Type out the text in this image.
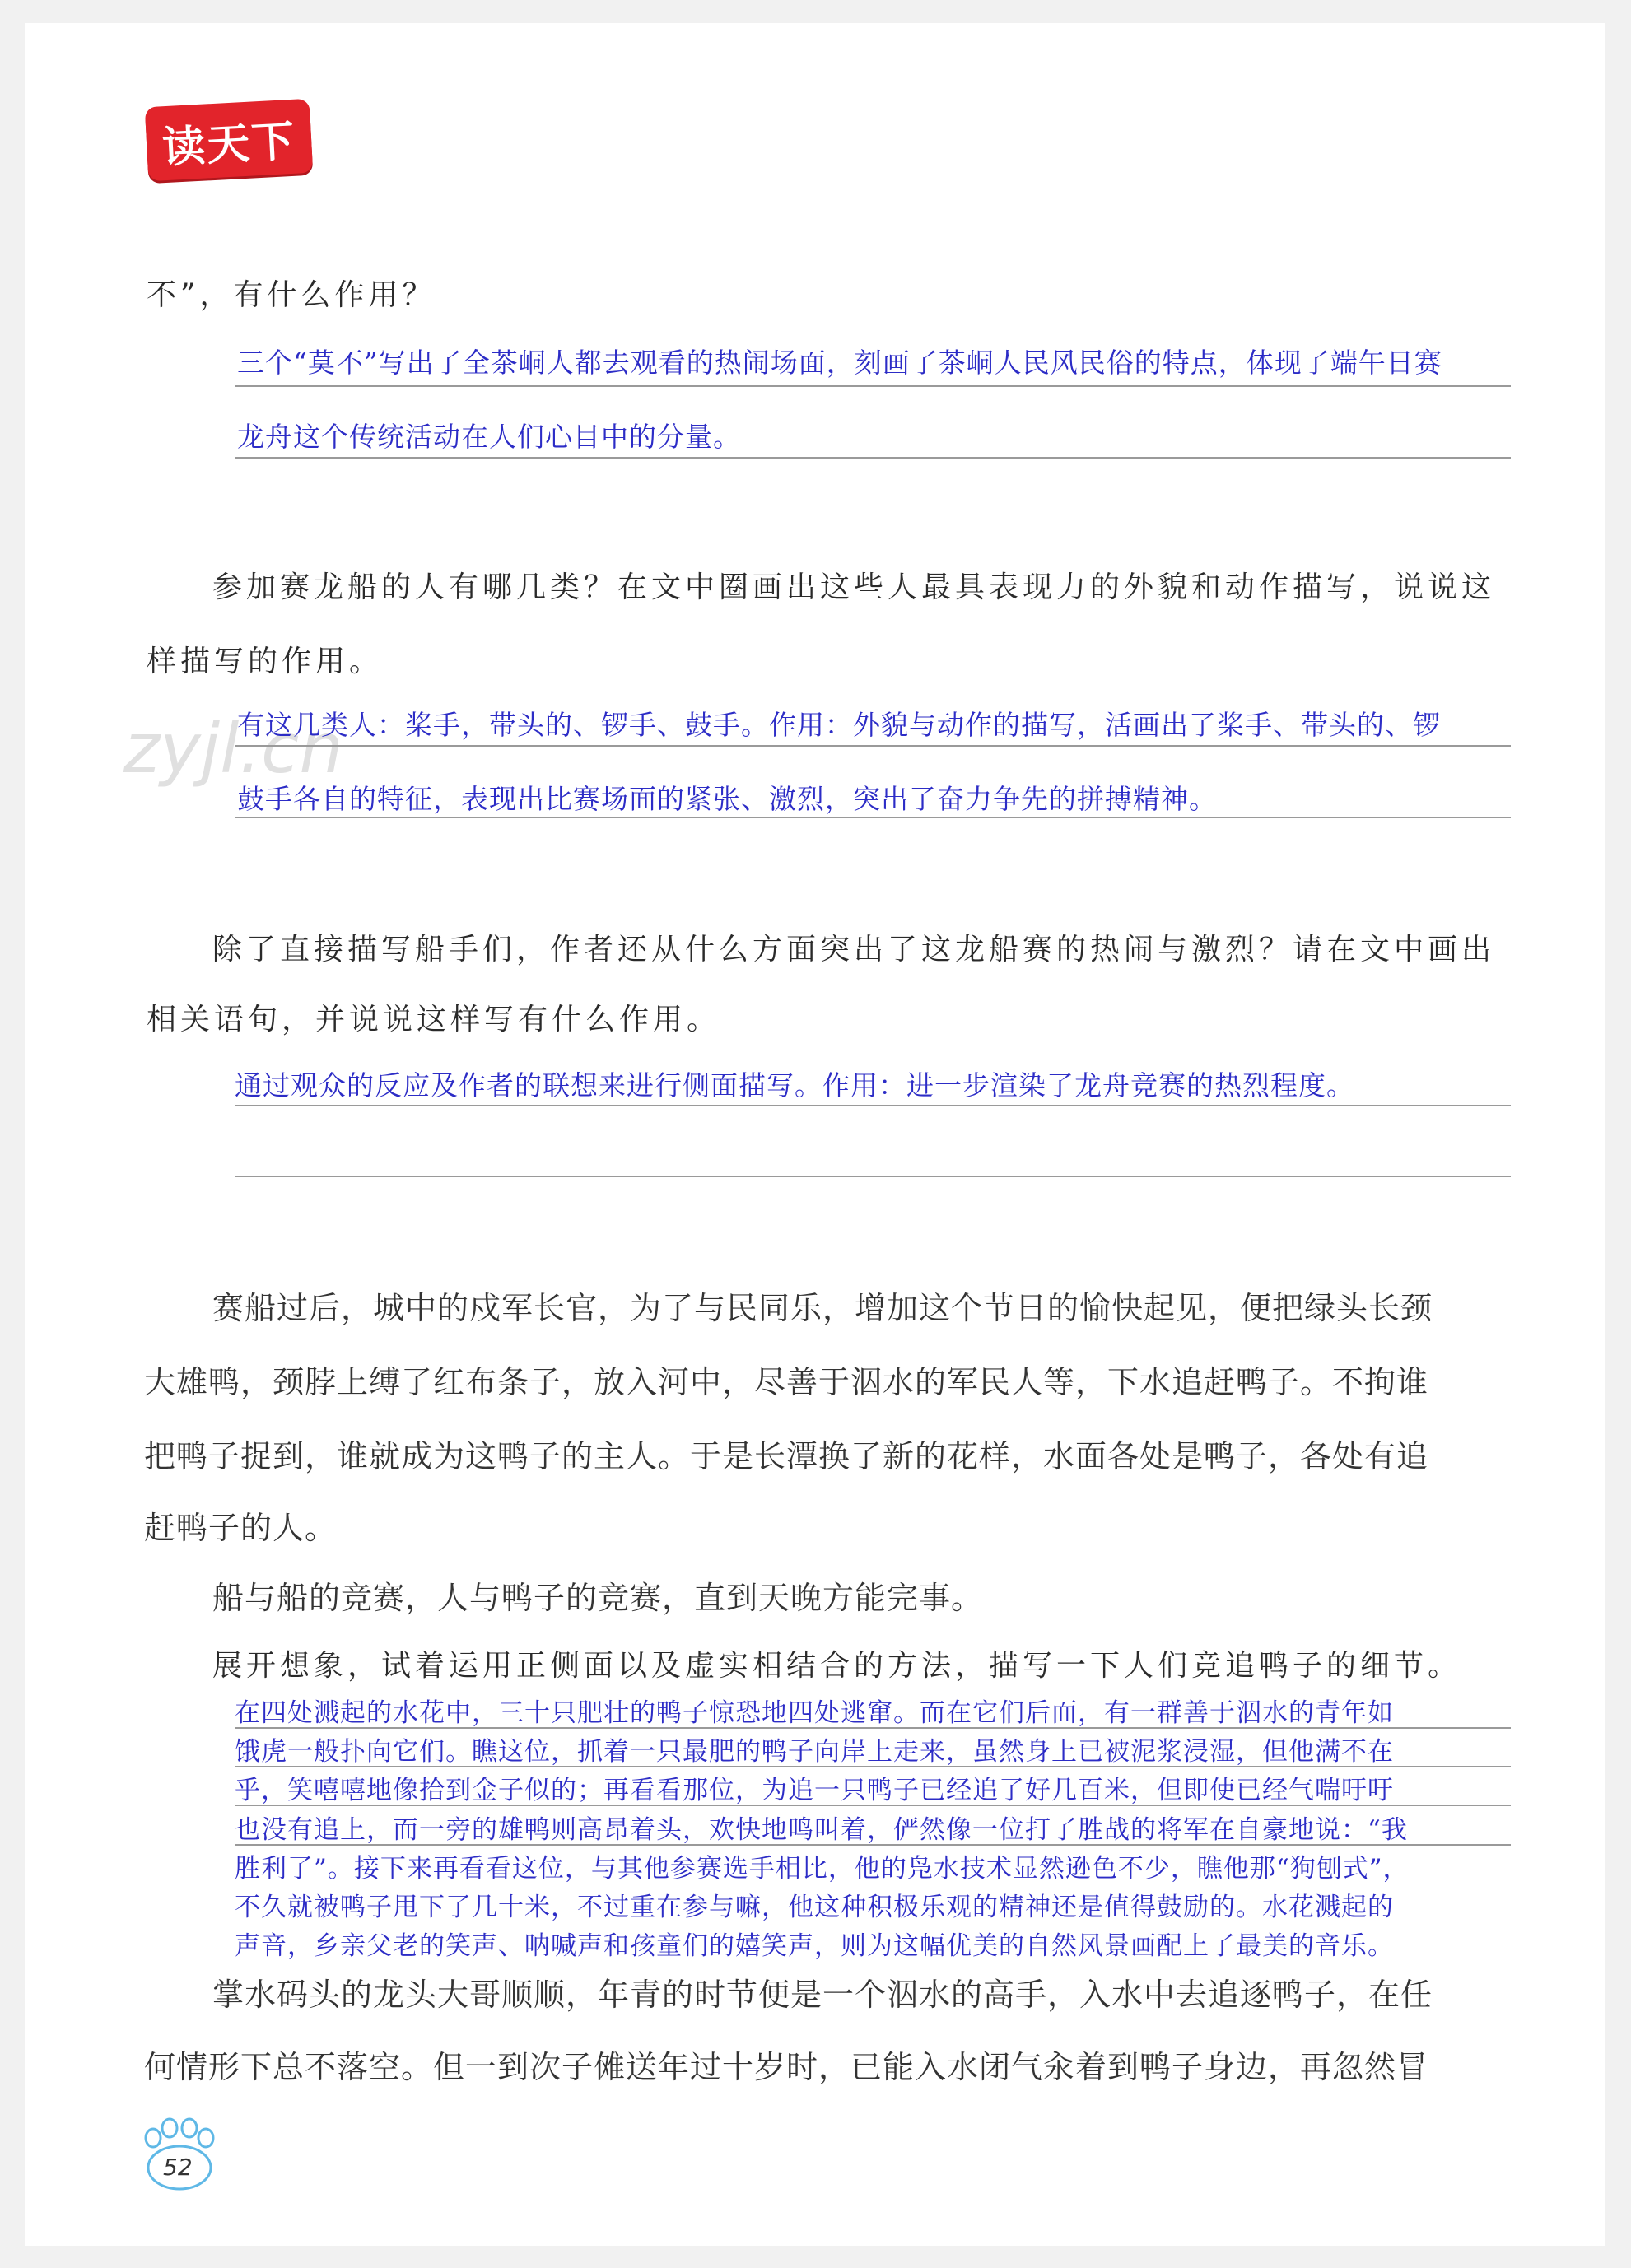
读天下
zyjl.cn
不”，有什么作用？
三个“莫不”写出了全茶峒人都去观看的热闹场面，刻画了茶峒人民风民俗的特点，体现了端午日赛
龙舟这个传统活动在人们心目中的分量。
参加赛龙船的人有哪几类？在文中圈画出这些人最具表现力的外貌和动作描写，说说这
样描写的作用。
有这几类人：桨手，带头的、锣手、鼓手。作用：外貌与动作的描写，活画出了桨手、带头的、锣
鼓手各自的特征，表现出比赛场面的紧张、激烈，突出了奋力争先的拼搏精神。
除了直接描写船手们，作者还从什么方面突出了这龙船赛的热闹与激烈？请在文中画出
相关语句，并说说这样写有什么作用。
通过观众的反应及作者的联想来进行侧面描写。作用：进一步渲染了龙舟竞赛的热烈程度。
赛船过后，城中的戍军长官，为了与民同乐，增加这个节日的愉快起见，便把绿头长颈
大雄鸭，颈脖上缚了红布条子，放入河中，尽善于泅水的军民人等，下水追赶鸭子。不拘谁
把鸭子捉到，谁就成为这鸭子的主人。于是长潭换了新的花样，水面各处是鸭子，各处有追
赶鸭子的人。
船与船的竞赛，人与鸭子的竞赛，直到天晚方能完事。
展开想象，试着运用正侧面以及虚实相结合的方法，描写一下人们竞追鸭子的细节。
在四处溅起的水花中，三十只肥壮的鸭子惊恐地四处逃窜。而在它们后面，有一群善于泅水的青年如
饿虎一般扑向它们。瞧这位，抓着一只最肥的鸭子向岸上走来，虽然身上已被泥浆浸湿，但他满不在
乎，笑嘻嘻地像拾到金子似的；再看看那位，为追一只鸭子已经追了好几百米，但即使已经气喘吁吁
也没有追上，而一旁的雄鸭则高昂着头，欢快地鸣叫着，俨然像一位打了胜战的将军在自豪地说：“我
胜利了”。接下来再看看这位，与其他参赛选手相比，他的凫水技术显然逊色不少，瞧他那“狗刨式”，
不久就被鸭子甩下了几十米，不过重在参与嘛，他这种积极乐观的精神还是值得鼓励的。水花溅起的
声音，乡亲父老的笑声、呐喊声和孩童们的嬉笑声，则为这幅优美的自然风景画配上了最美的音乐。
掌水码头的龙头大哥顺顺，年青的时节便是一个泅水的高手，入水中去追逐鸭子，在任
何情形下总不落空。但一到次子傩送年过十岁时，已能入水闭气汆着到鸭子身边，再忽然冒
52
